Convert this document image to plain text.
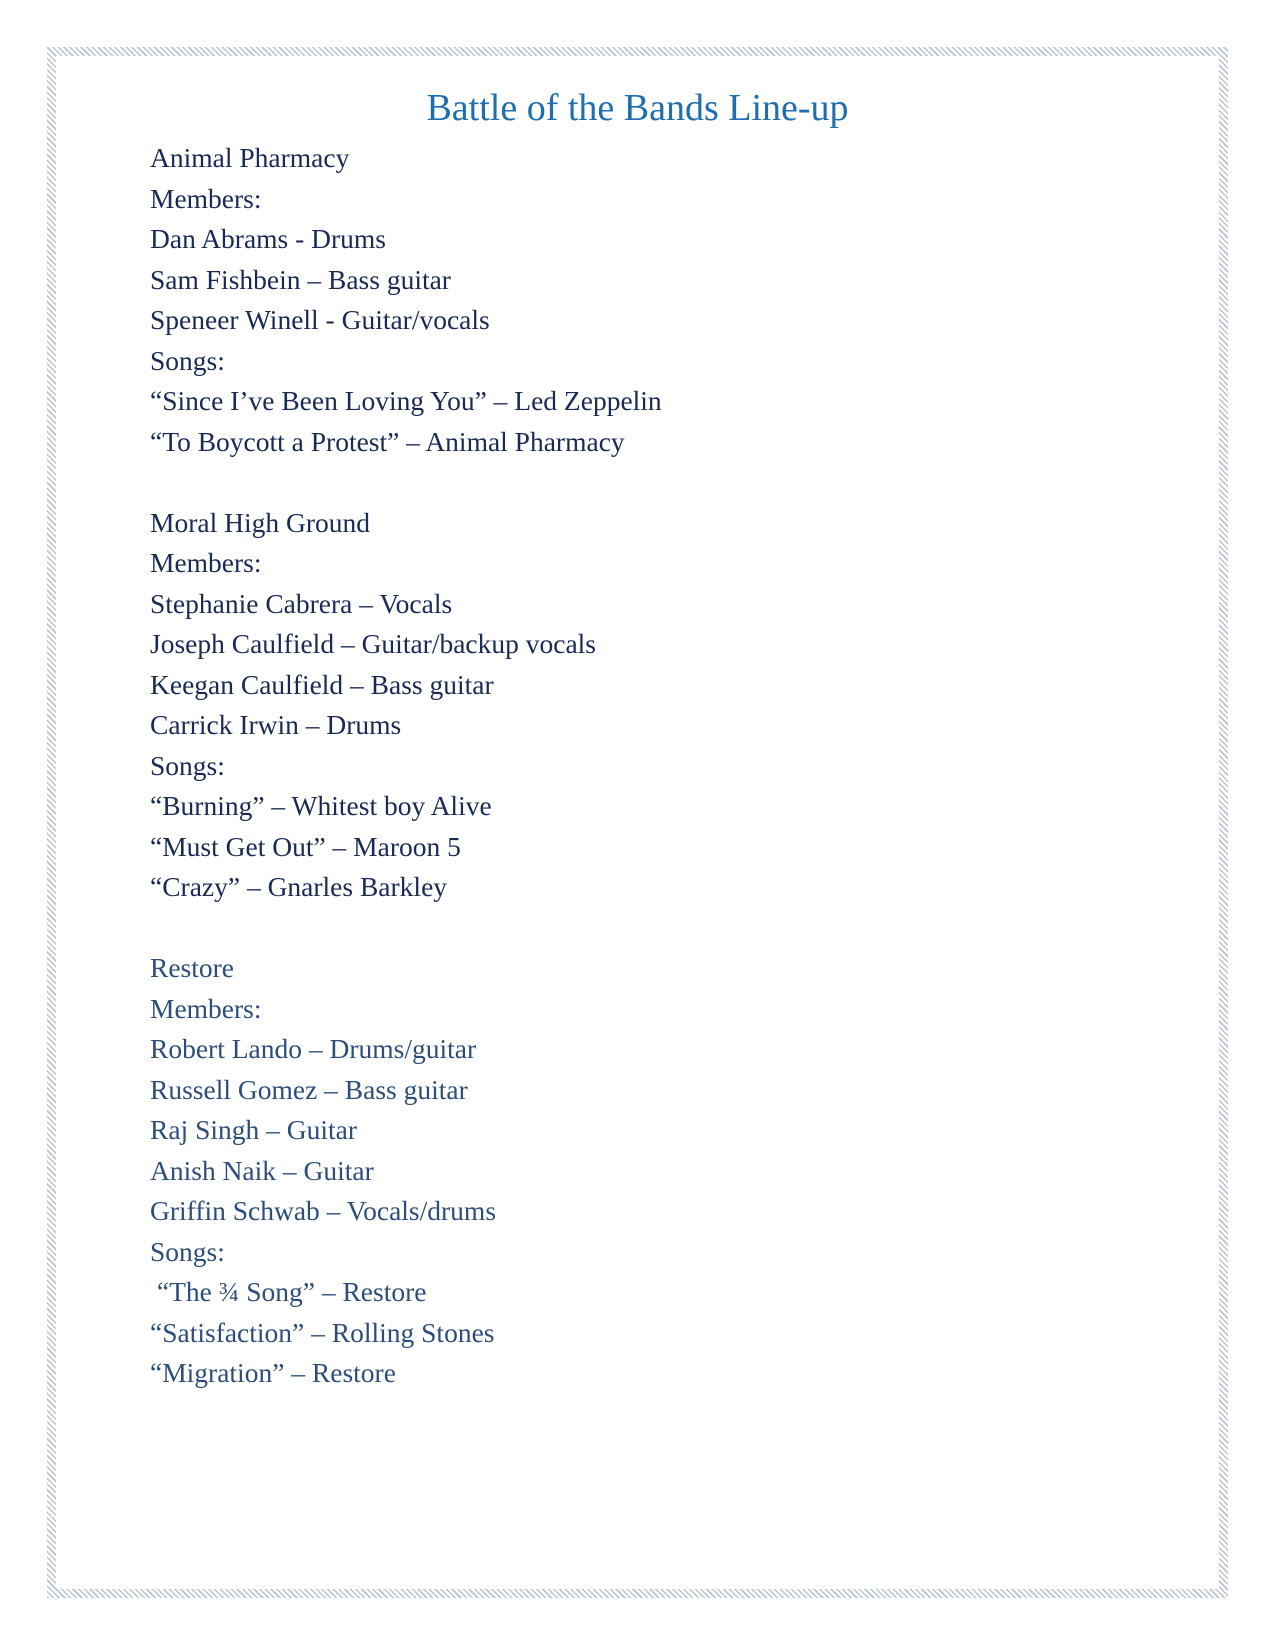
Battle of the Bands Line-up
Animal Pharmacy
Members:
Dan Abrams - Drums
Sam Fishbein – Bass guitar
Speneer Winell - Guitar/vocals
Songs:
“Since I’ve Been Loving You” – Led Zeppelin
“To Boycott a Protest” – Animal Pharmacy
Moral High Ground
Members:
Stephanie Cabrera – Vocals
Joseph Caulfield – Guitar/backup vocals
Keegan Caulfield – Bass guitar
Carrick Irwin – Drums
Songs:
“Burning” – Whitest boy Alive
“Must Get Out” – Maroon 5
“Crazy” – Gnarles Barkley
Restore
Members:
Robert Lando – Drums/guitar
Russell Gomez – Bass guitar
Raj Singh – Guitar
Anish Naik – Guitar
Griffin Schwab – Vocals/drums
Songs:
“The ¾ Song” – Restore
“Satisfaction” – Rolling Stones
“Migration” – Restore
